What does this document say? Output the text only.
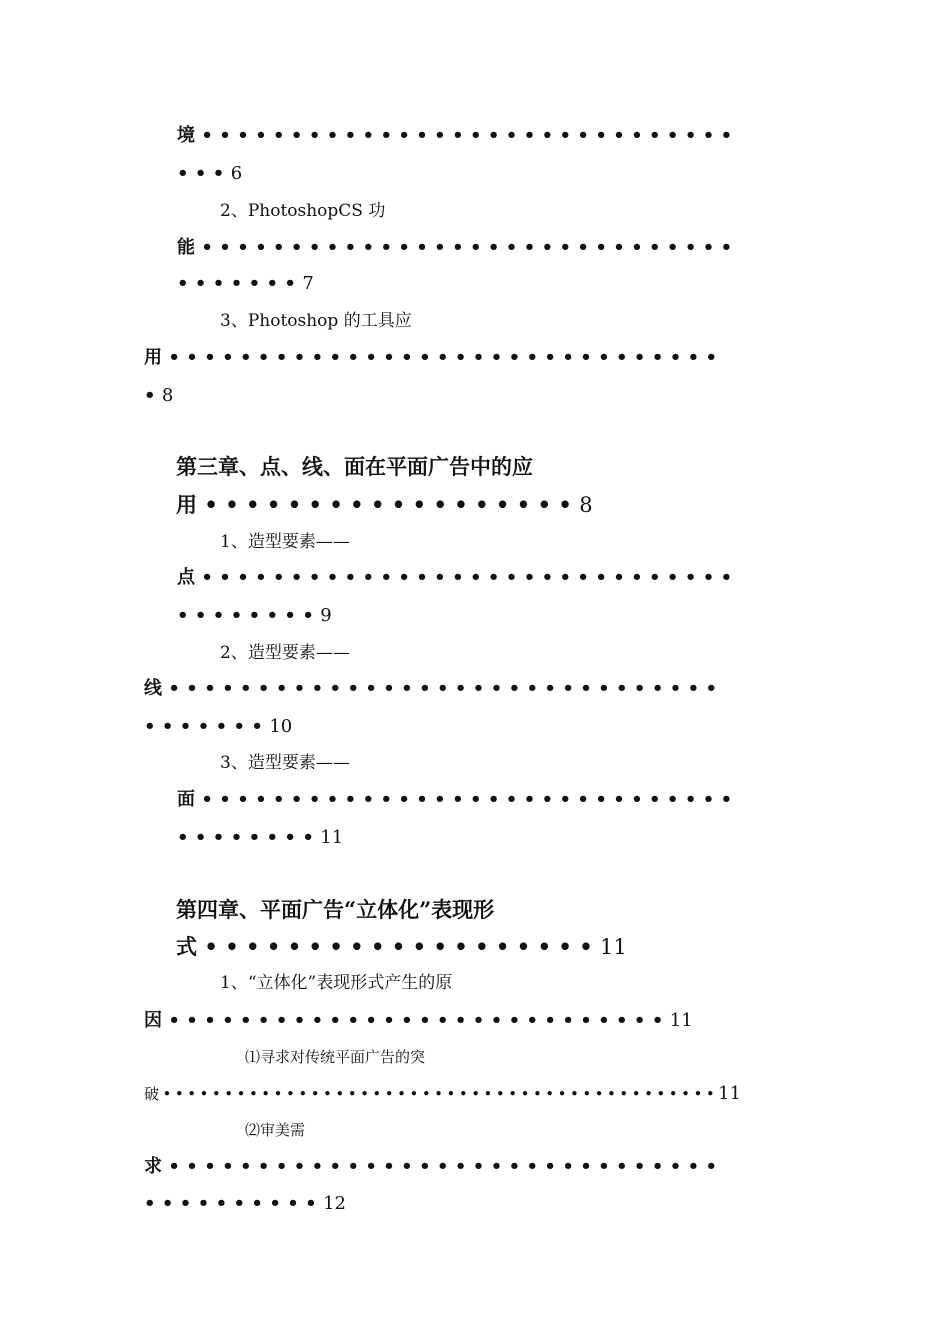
境••••••••••••••••••••••••••••••
•••6
2、PhotoshopCS 功
能••••••••••••••••••••••••••••••
•••••••7
3、Photoshop 的工具应
用•••••••••••••••••••••••••••••••
•8
第三章、点、线、面在平面广告中的应
用••••••••••••••••••8
1、造型要素——
点••••••••••••••••••••••••••••••
••••••••9
2、造型要素——
线•••••••••••••••••••••••••••••••
•••••••10
3、造型要素——
面••••••••••••••••••••••••••••••
••••••••11
第四章、平面广告“立体化”表现形
式•••••••••••••••••••11
1、“立体化”表现形式产生的原
因••••••••••••••••••••••••••••11
⑴寻求对传统平面广告的突
破•••••••••••••••••••••••••••••••••••••••••••••11
⑵审美需
求•••••••••••••••••••••••••••••••
••••••••••12
